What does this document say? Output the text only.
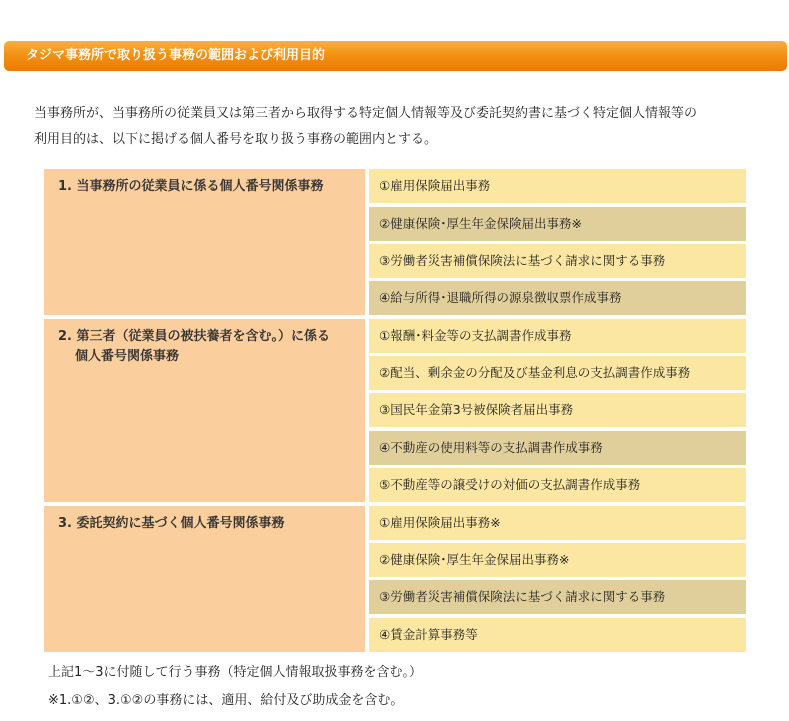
タジマ事務所で取り扱う事務の範囲および利用目的

当事務所が、当事務所の従業員又は第三者から取得する特定個人情報等及び委託契約書に基づく特定個人情報等の

利用目的は、以下に掲げる個人番号を取り扱う事務の範囲内とする。

1. 当事務所の従業員に係る個人番号関係事務	①雇用保険届出事務
②健康保険･厚生年金保険届出事務※
③労働者災害補償保険法に基づく請求に関する事務
④給与所得･退職所得の源泉徴収票作成事務
2. 第三者（従業員の被扶養者を含む。）に係る
個人番号関係事務
①報酬･料金等の支払調書作成事務
②配当、剰余金の分配及び基金利息の支払調書作成事務
③国民年金第3号被保険者届出事務
④不動産の使用料等の支払調書作成事務
⑤不動産等の譲受けの対価の支払調書作成事務
3. 委託契約に基づく個人番号関係事務	①雇用保険届出事務※
②健康保険･厚生年金保届出事務※
③労働者災害補償保険法に基づく請求に関する事務
④賃金計算事務等

上記1～3に付随して行う事務（特定個人情報取扱事務を含む。）

※1.①②、3.①②の事務には、適用、給付及び助成金を含む。
